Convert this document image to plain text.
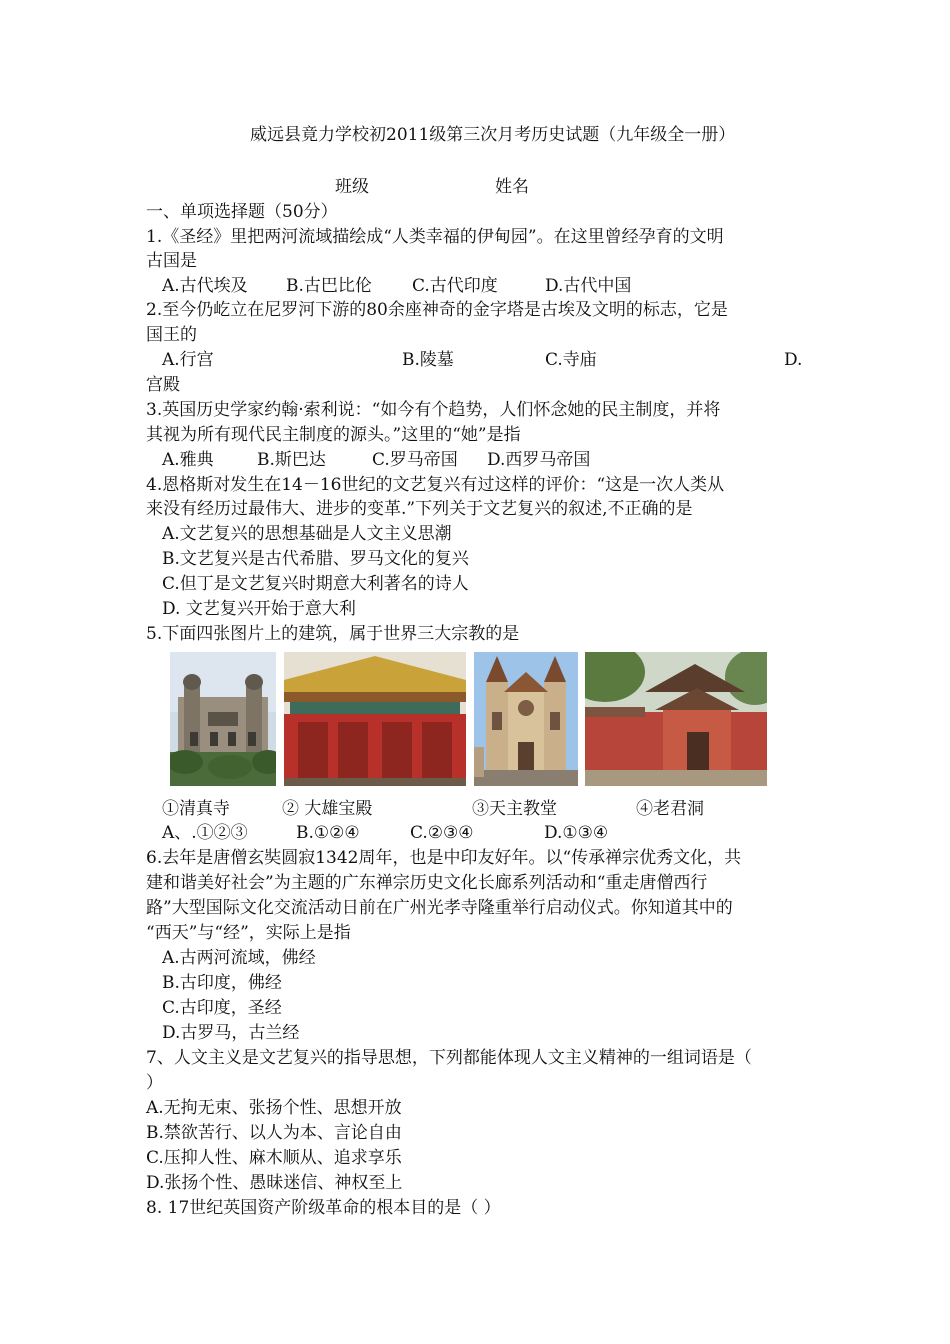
威远县竟力学校初2011级第三次月考历史试题（九年级全一册）
班级	姓名
一、单项选择题（50分）
1.《圣经》里把两河流域描绘成“人类幸福的伊甸园”。在这里曾经孕育的文明
古国是
A.古代埃及 B.古巴比伦 C.古代印度	D.古代中国
2.至今仍屹立在尼罗河下游的80余座神奇的金字塔是古埃及文明的标志，它是
国王的
A.行宫	B.陵墓	C.寺庙	D.
宫殿
3.英国历史学家约翰·索利说：“如今有个趋势，人们怀念她的民主制度，并将
其视为所有现代民主制度的源头。”这里的“她”是指
A.雅典	B.斯巴达	C.罗马帝国 D.西罗马帝国
4.恩格斯对发生在14－16世纪的文艺复兴有过这样的评价：“这是一次人类从
来没有经历过最伟大、进步的变革.”下列关于文艺复兴的叙述,不正确的是
A.文艺复兴的思想基础是人文主义思潮
B.文艺复兴是古代希腊、罗马文化的复兴
C.但丁是文艺复兴时期意大利著名的诗人
D. 文艺复兴开始于意大利
5.下面四张图片上的建筑，属于世界三大宗教的是
①清真寺	② 大雄宝殿	③天主教堂	④老君洞
A、.①②③	B.①②④	C.②③④	D.①③④
6.去年是唐僧玄奘圆寂1342周年，也是中印友好年。以“传承禅宗优秀文化，共
建和谐美好社会”为主题的广东禅宗历史文化长廊系列活动和“重走唐僧西行
路”大型国际文化交流活动日前在广州光孝寺隆重举行启动仪式。你知道其中的
“西天”与“经”，实际上是指
A.古两河流域，佛经
B.古印度，佛经
C.古印度，圣经
D.古罗马，古兰经
7、人文主义是文艺复兴的指导思想，下列都能体现人文主义精神的一组词语是（
）
A.无拘无束、张扬个性、思想开放
B.禁欲苦行、以人为本、言论自由
C.压抑人性、麻木顺从、追求享乐
D.张扬个性、愚昧迷信、神权至上
8. 17世纪英国资产阶级革命的根本目的是（ ）
